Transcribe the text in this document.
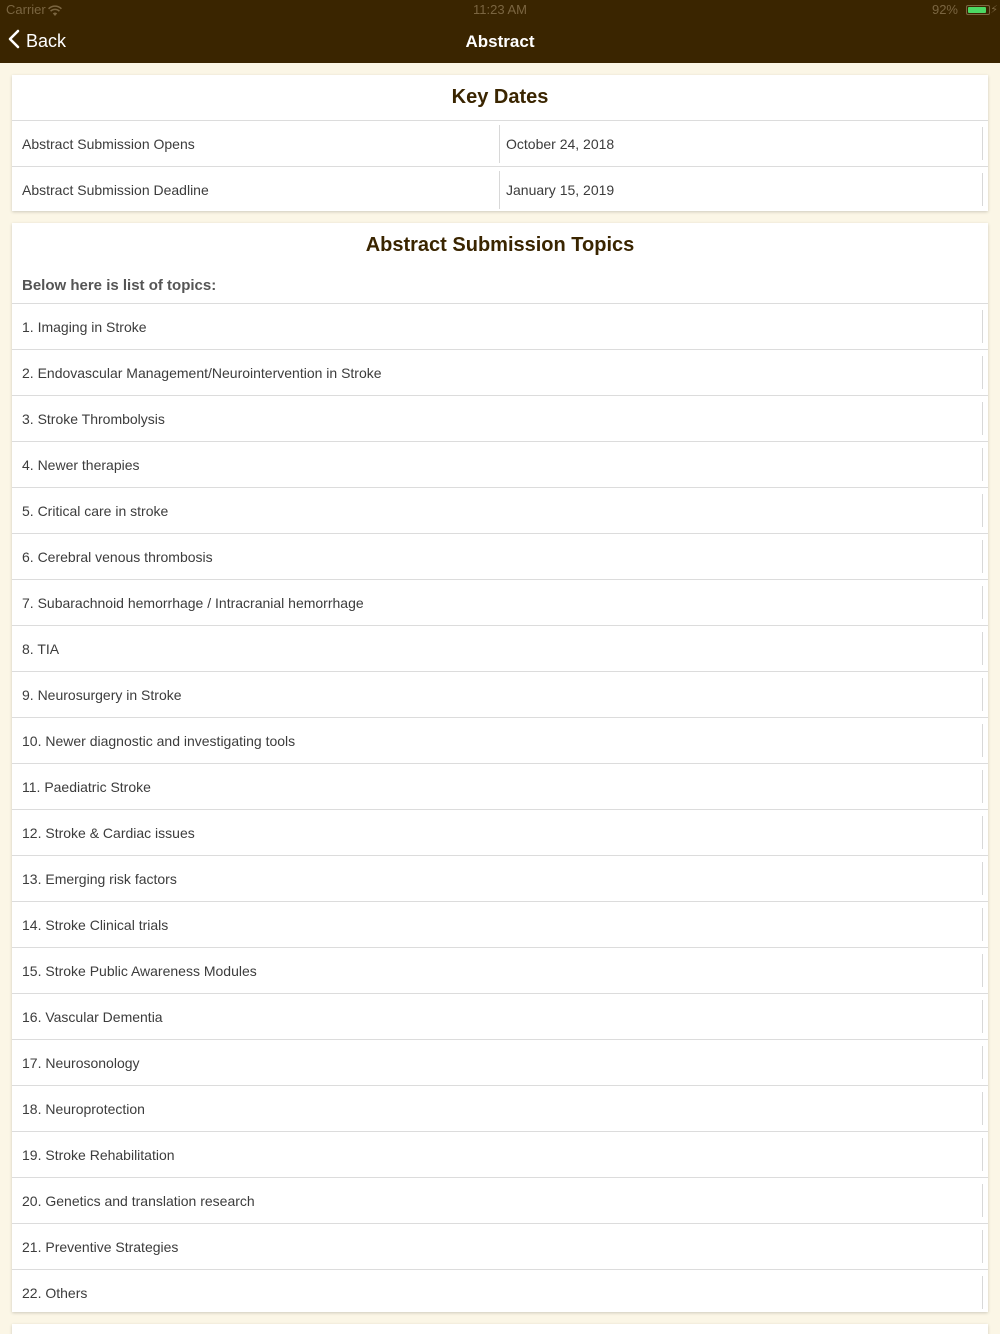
Carrier	11:23 AM	92%	⚡
Back	Abstract
Key Dates
Abstract Submission Opens	October 24, 2018
Abstract Submission Deadline	January 15, 2019
Abstract Submission Topics
Below here is list of topics:
1. Imaging in Stroke
2. Endovascular Management/Neurointervention in Stroke
3. Stroke Thrombolysis
4. Newer therapies
5. Critical care in stroke
6. Cerebral venous thrombosis
7. Subarachnoid hemorrhage / Intracranial hemorrhage
8. TIA
9. Neurosurgery in Stroke
10. Newer diagnostic and investigating tools
11. Paediatric Stroke
12. Stroke & Cardiac issues
13. Emerging risk factors
14. Stroke Clinical trials
15. Stroke Public Awareness Modules
16. Vascular Dementia
17. Neurosonology
18. Neuroprotection
19. Stroke Rehabilitation
20. Genetics and translation research
21. Preventive Strategies
22. Others
